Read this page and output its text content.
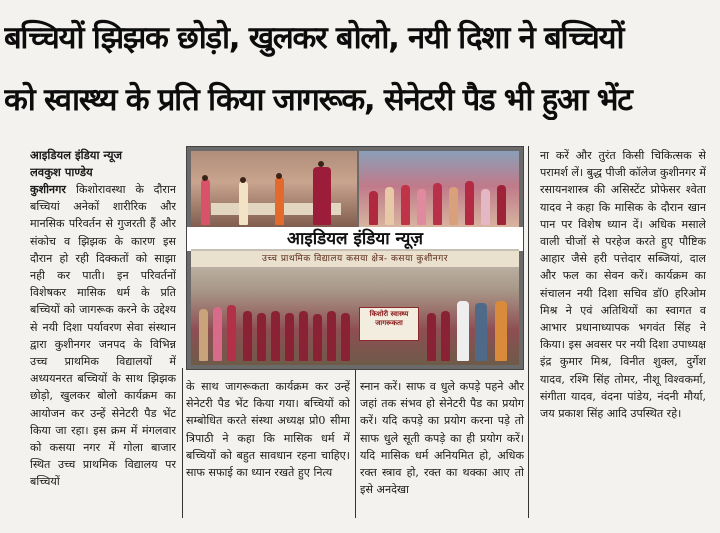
बच्चियों झिझक छोड़ो, खुलकर बोलो, नयी दिशा ने बच्चियों
को स्वास्थ्य के प्रति किया जागरूक, सेनेटरी पैड भी हुआ भेंट

आइडियल इंडिया न्यूज

लवकुश पाण्डेय

कुशीनगर किशोरावस्था के दौरान बच्चियां अनेकों शारीरिक और मानसिक परिवर्तन से गुजरती हैं और संकोच व झिझक के कारण इस दौरान हो रही दिक्कतों को साझा नही कर पाती। इन परिवर्तनों विशेषकर मासिक धर्म के प्रति बच्चियों को जागरूक करने के उद्देश्य से नयी दिशा पर्यावरण सेवा संस्थान द्वारा कुशीनगर जनपद के विभिन्न उच्च प्राथमिक विद्यालयों में अध्ययनरत बच्चियों के साथ झिझक छोड़ो, खुलकर बोलो कार्यक्रम का आयोजन कर उन्हें सेनेटरी पैड भेंट किया जा रहा। इस क्रम में मंगलवार को कसया नगर में गोला बाजार स्थित उच्च प्राथमिक विद्यालय पर बच्चियों
आइडियल इंडिया न्यूज़
उच्च प्राथमिक विद्यालय कसया क्षेत्र- कसया कुशीनगर
किशोरी स्वास्थ्य जागरूकता
के साथ जागरूकता कार्यक्रम कर उन्हें सेनेटरी पैड भेंट किया गया। बच्चियों को सम्बोधित करते संस्था अध्यक्ष प्रो0 सीमा त्रिपाठी ने कहा कि मासिक धर्म में बच्चियों को बहुत सावधान रहना चाहिए। साफ सफाई का ध्यान रखते हुए नित्य
स्नान करें। साफ व धुले कपड़े पहने और जहां तक संभव हो सेनेटरी पैड का प्रयोग करें। यदि कपड़े का प्रयोग करना पड़े तो साफ धुले सूती कपड़े का ही प्रयोग करें। यदि मासिक धर्म अनियमित हो, अधिक रक्त स्त्राव हो, रक्त का थक्का आए तो इसे अनदेखा
ना करें और तुरंत किसी चिकित्सक से परामर्श लें। बुद्ध पीजी कॉलेज कुशीनगर में रसायनशास्त्र की असिस्टेंट प्रोफेसर श्वेता यादव ने कहा कि मासिक के दौरान खान पान पर विशेष ध्यान दें। अधिक मसाले वाली चीजों से परहेज करते हुए पौष्टिक आहार जैसे हरी पत्तेदार सब्जियां, दाल और फल का सेवन करें। कार्यक्रम का संचालन नयी दिशा सचिव डॉ0 हरिओम मिश्र ने एवं अतिथियों का स्वागत व आभार प्रधानाध्यापक भगवंत सिंह ने किया। इस अवसर पर नयी दिशा उपाध्यक्ष इंद्र कुमार मिश्र, विनीत शुक्ल, दुर्गेश यादव, रश्मि सिंह तोमर, नीशू विश्वकर्मा, संगीता यादव, वंदना पांडेय, नंदनी मौर्या, जय प्रकाश सिंह आदि उपस्थित रहे।
